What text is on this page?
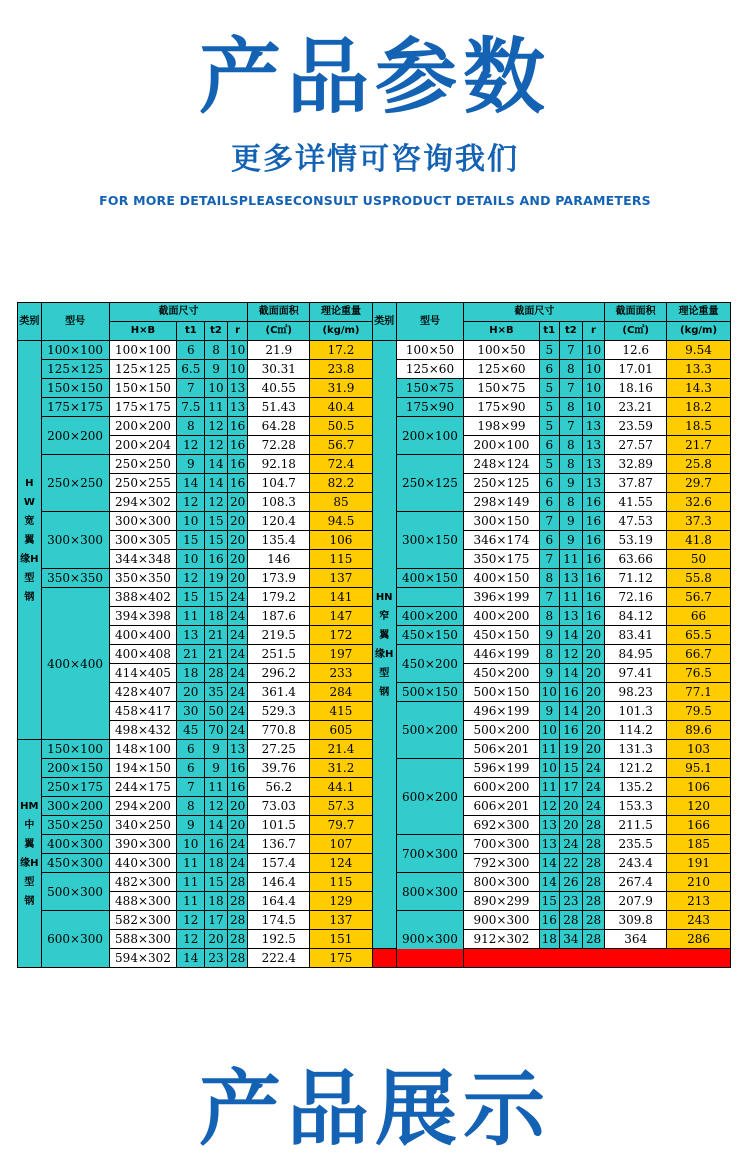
产品参数
更多详情可咨询我们
FOR MORE DETAILSPLEASECONSULT USPRODUCT DETAILS AND PARAMETERS
类别	型号	截面尺寸				截面面积	理论重量	类别	型号	截面尺寸				截面面积	理论重量
		H×B	t1	t2	r	(C㎡)	(kg/m)			H×B	t1	t2	r	(C㎡)	(kg/m)
HW宽翼缘H型钢	100×100	100×100	6	8	10	21.9	17.2	HN窄翼缘H型钢	100×50	100×50	5	7	10	12.6	9.54
	125×125	125×125	6.5	9	10	30.31	23.8		125×60	125×60	6	8	10	17.01	13.3
	150×150	150×150	7	10	13	40.55	31.9		150×75	150×75	5	7	10	18.16	14.3
	175×175	175×175	7.5	11	13	51.43	40.4		175×90	175×90	5	8	10	23.21	18.2
	200×200	200×200	8	12	16	64.28	50.5		200×100	198×99	5	7	13	23.59	18.5
		200×204	12	12	16	72.28	56.7			200×100	6	8	13	27.57	21.7
	250×250	250×250	9	14	16	92.18	72.4		250×125	248×124	5	8	13	32.89	25.8
		250×255	14	14	16	104.7	82.2			250×125	6	9	13	37.87	29.7
		294×302	12	12	20	108.3	85			298×149	6	8	16	41.55	32.6
	300×300	300×300	10	15	20	120.4	94.5		300×150	300×150	7	9	16	47.53	37.3
		300×305	15	15	20	135.4	106			346×174	6	9	16	53.19	41.8
		344×348	10	16	20	146	115			350×175	7	11	16	63.66	50
	350×350	350×350	12	19	20	173.9	137		400×150	400×150	8	13	16	71.12	55.8
	400×400	388×402	15	15	24	179.2	141			396×199	7	11	16	72.16	56.7
		394×398	11	18	24	187.6	147		400×200	400×200	8	13	16	84.12	66
		400×400	13	21	24	219.5	172		450×150	450×150	9	14	20	83.41	65.5
		400×408	21	21	24	251.5	197		450×200	446×199	8	12	20	84.95	66.7
		414×405	18	28	24	296.2	233			450×200	9	14	20	97.41	76.5
		428×407	20	35	24	361.4	284		500×150	500×150	10	16	20	98.23	77.1
		458×417	30	50	24	529.3	415		500×200	496×199	9	14	20	101.3	79.5
		498×432	45	70	24	770.8	605			500×200	10	16	20	114.2	89.6
HM中翼缘H型钢	150×100	148×100	6	9	13	27.25	21.4			506×201	11	19	20	131.3	103
	200×150	194×150	6	9	16	39.76	31.2		600×200	596×199	10	15	24	121.2	95.1
	250×175	244×175	7	11	16	56.2	44.1			600×200	11	17	24	135.2	106
	300×200	294×200	8	12	20	73.03	57.3			606×201	12	20	24	153.3	120
	350×250	340×250	9	14	20	101.5	79.7			692×300	13	20	28	211.5	166
	400×300	390×300	10	16	24	136.7	107		700×300	700×300	13	24	28	235.5	185
	450×300	440×300	11	18	24	157.4	124			792×300	14	22	28	243.4	191
	500×300	482×300	11	15	28	146.4	115		800×300	800×300	14	26	28	267.4	210
		488×300	11	18	28	164.4	129			890×299	15	23	28	207.9	213
	600×300	582×300	12	17	28	174.5	137		900×300	900×300	16	28	28	309.8	243
		588×300	12	20	28	192.5	151			912×302	18	34	28	364	286
		594×302	14	23	28	222.4	175								
产品展示
